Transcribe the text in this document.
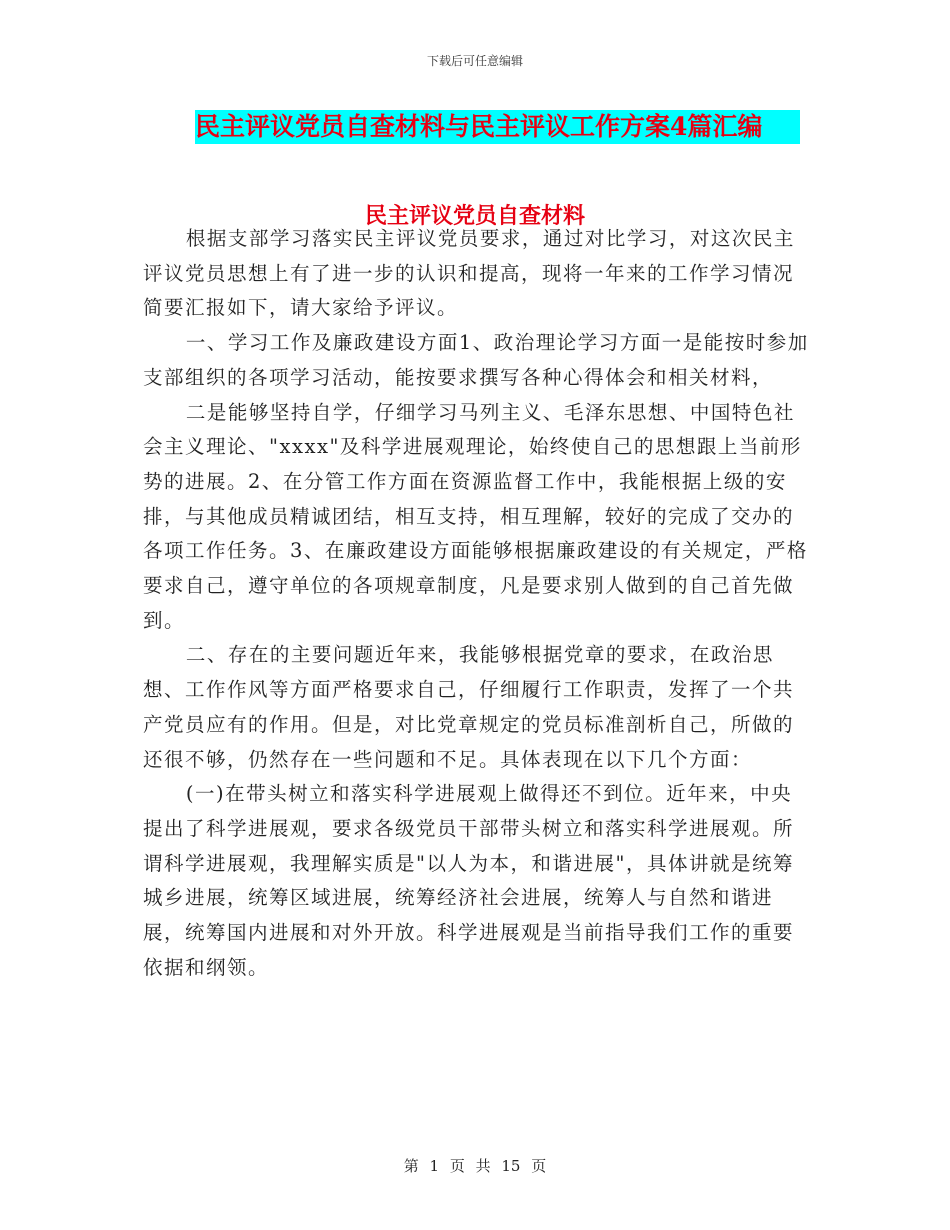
下载后可任意编辑
民主评议党员自查材料与民主评议工作方案4篇汇编
民主评议党员自查材料

根据支部学习落实民主评议党员要求，通过对比学习，对这次民主评议党员思想上有了进一步的认识和提高，现将一年来的工作学习情况简要汇报如下，请大家给予评议。

一、学习工作及廉政建设方面1、政治理论学习方面一是能按时参加支部组织的各项学习活动，能按要求撰写各种心得体会和相关材料，

二是能够坚持自学，仔细学习马列主义、毛泽东思想、中国特色社会主义理论、"xxxx"及科学进展观理论，始终使自己的思想跟上当前形势的进展。2、在分管工作方面在资源监督工作中，我能根据上级的安排，与其他成员精诚团结，相互支持，相互理解，较好的完成了交办的各项工作任务。3、在廉政建设方面能够根据廉政建设的有关规定，严格要求自己，遵守单位的各项规章制度，凡是要求别人做到的自己首先做到。

二、存在的主要问题近年来，我能够根据党章的要求，在政治思想、工作作风等方面严格要求自己，仔细履行工作职责，发挥了一个共产党员应有的作用。但是，对比党章规定的党员标准剖析自己，所做的还很不够，仍然存在一些问题和不足。具体表现在以下几个方面：

(一)在带头树立和落实科学进展观上做得还不到位。近年来，中央提出了科学进展观，要求各级党员干部带头树立和落实科学进展观。所谓科学进展观，我理解实质是"以人为本，和谐进展"，具体讲就是统筹城乡进展，统筹区域进展，统筹经济社会进展，统筹人与自然和谐进展，统筹国内进展和对外开放。科学进展观是当前指导我们工作的重要依据和纲领。

第 1 页 共 15 页
